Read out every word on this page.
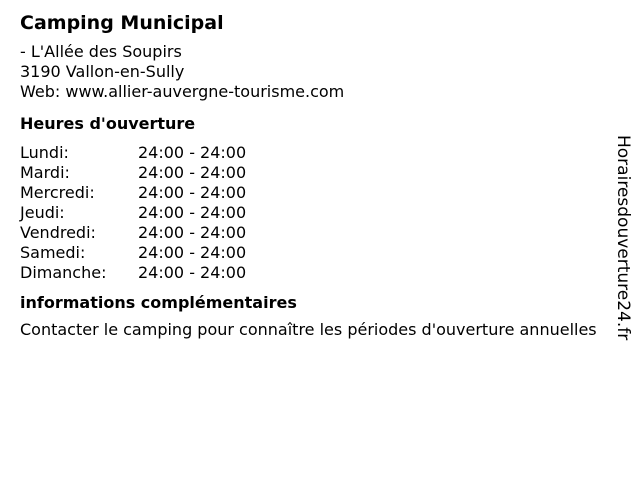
Camping Municipal
- L'Allée des Soupirs
3190 Vallon-en-Sully
Web: www.allier-auvergne-tourisme.com
Heures d'ouverture
Lundi:	24:00 - 24:00
Mardi:	24:00 - 24:00
Mercredi:	24:00 - 24:00
Jeudi:	24:00 - 24:00
Vendredi:	24:00 - 24:00
Samedi:	24:00 - 24:00
Dimanche:	24:00 - 24:00
informations complémentaires
Contacter le camping pour connaître les périodes d'ouverture annuelles Horairesdouverture24.fr
